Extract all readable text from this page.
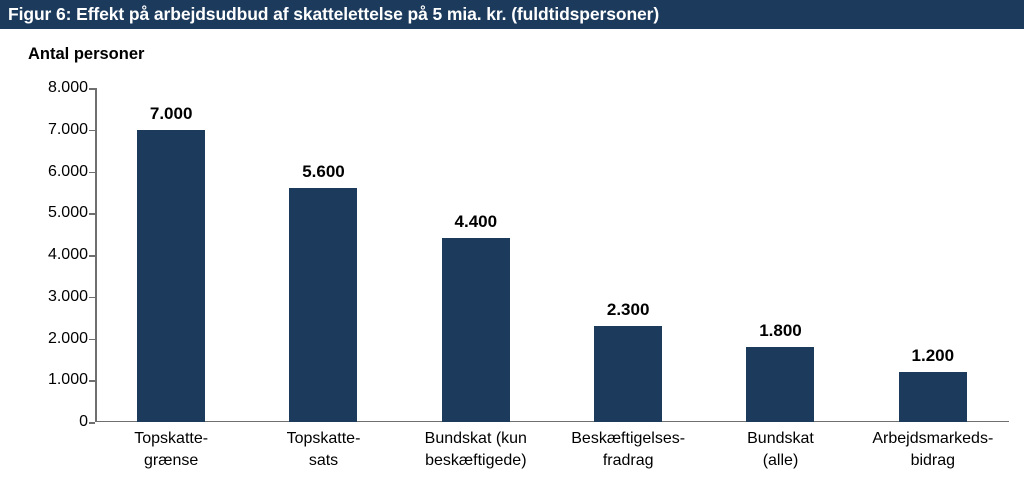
Figur 6: Effekt på arbejdsudbud af skattelettelse på 5 mia. kr. (fuldtidspersoner)
Antal personer
8.000
7.000
6.000
5.000
4.000
3.000
2.000
1.000
0
7.000
5.600
4.400
2.300
1.800
1.200
Topskatte-
grænse
Topskatte-
sats
Bundskat (kun
beskæftigede)
Beskæftigelses-
fradrag
Bundskat
(alle)
Arbejdsmarkeds-
bidrag
